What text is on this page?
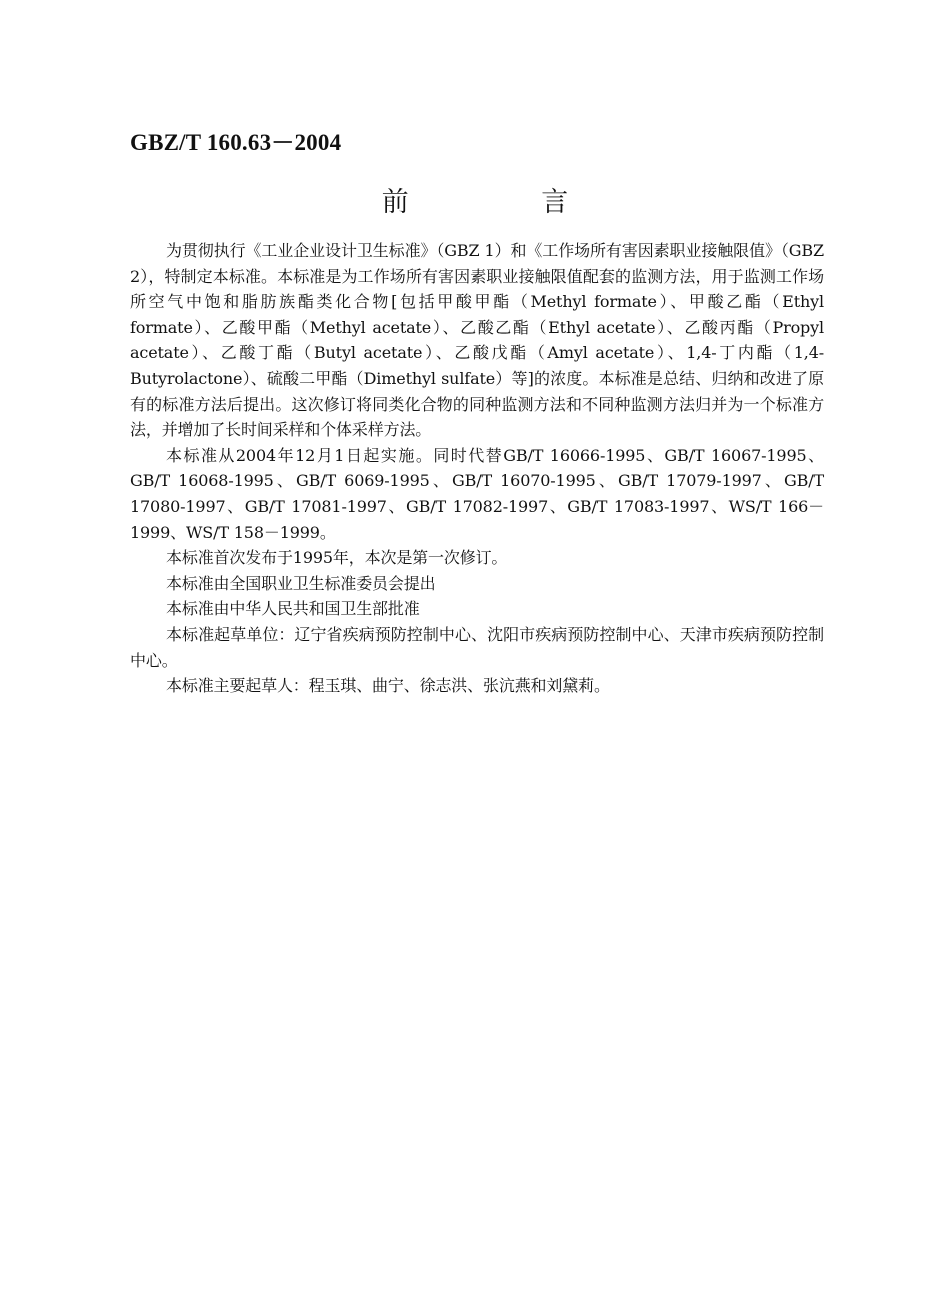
GBZ/T 160.63－2004
前 言

为贯彻执行《工业企业设计卫生标准》（GBZ 1）和《工作场所有害因素职业接触限值》（GBZ 2），特制定本标准。本标准是为工作场所有害因素职业接触限值配套的监测方法，用于监测工作场所空气中饱和脂肪族酯类化合物[包括甲酸甲酯（Methyl formate）、甲酸乙酯（Ethyl formate）、乙酸甲酯（Methyl acetate）、乙酸乙酯（Ethyl acetate）、乙酸丙酯（Propyl acetate）、乙酸丁酯（Butyl acetate）、乙酸戊酯（Amyl acetate）、1,4-丁内酯（1,4-Butyrolactone）、硫酸二甲酯（Dimethyl sulfate）等]的浓度。本标准是总结、归纳和改进了原有的标准方法后提出。这次修订将同类化合物的同种监测方法和不同种监测方法归并为一个标准方法，并增加了长时间采样和个体采样方法。

本标准从2004年12月1日起实施。同时代替GB/T 16066-1995、GB/T 16067-1995、GB/T 16068-1995、GB/T 6069-1995、GB/T 16070-1995、GB/T 17079-1997、GB/T 17080-1997、GB/T 17081-1997、GB/T 17082-1997、GB/T 17083-1997、WS/T 166－1999、WS/T 158－1999。

本标准首次发布于1995年，本次是第一次修订。

本标准由全国职业卫生标准委员会提出

本标准由中华人民共和国卫生部批准

本标准起草单位：辽宁省疾病预防控制中心、沈阳市疾病预防控制中心、天津市疾病预防控制中心。

本标准主要起草人：程玉琪、曲宁、徐志洪、张沆燕和刘黛莉。
